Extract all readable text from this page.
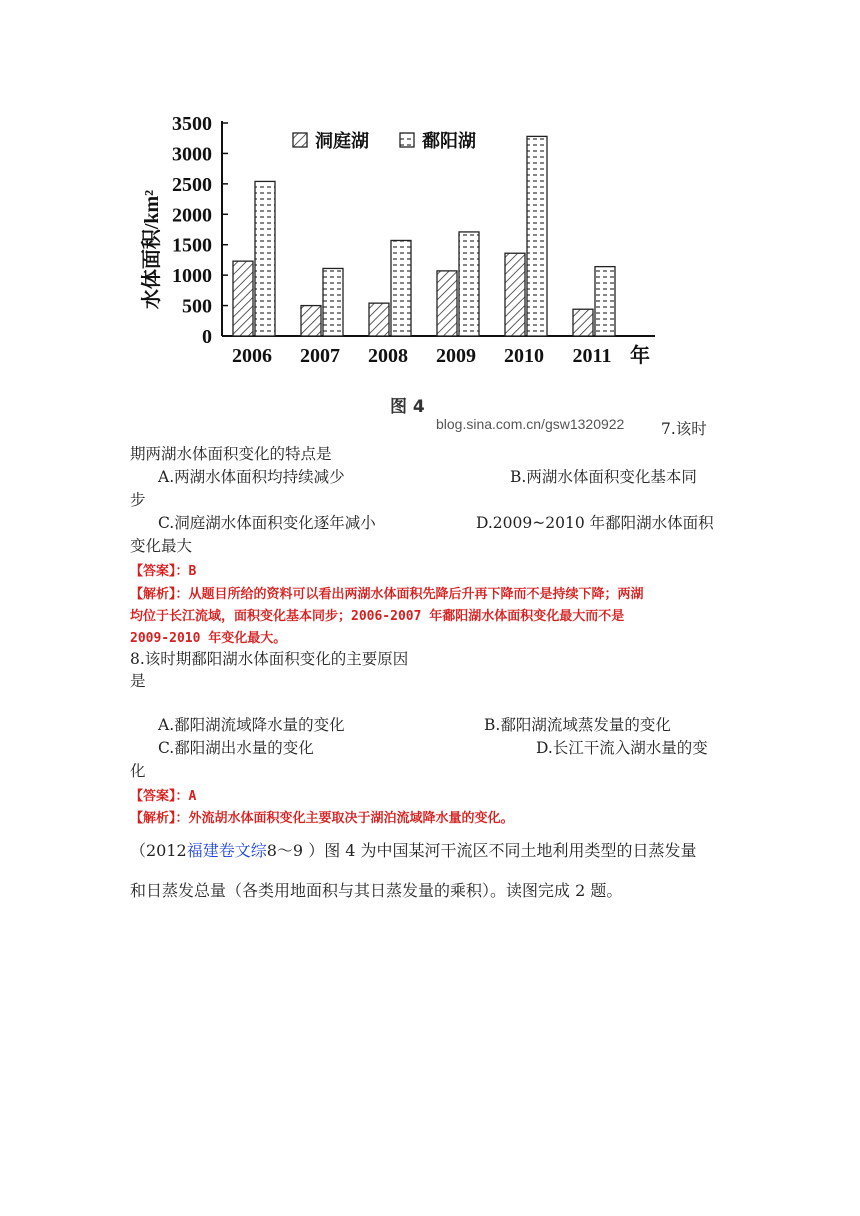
0
500
1000
1500
2000
2500
3000
3500
水体面积/km²
2006 2007 2008 2009 2010 2011 年
洞庭湖	鄱阳湖
图 4
blog.sina.com.cn/gsw1320922 7.该时
期两湖水体面积变化的特点是
A.两湖水体面积均持续减少	B.两湖水体面积变化基本同
步
C.洞庭湖水体面积变化逐年减小	D.2009~2010 年鄱阳湖水体面积
变化最大
【答案】：B
【解析】：从题目所给的资料可以看出两湖水体面积先降后升再下降而不是持续下降；两湖
均位于长江流域，面积变化基本同步；2006-2007 年鄱阳湖水体面积变化最大而不是
2009-2010 年变化最大。
8.该时期鄱阳湖水体面积变化的主要原因
是
A.鄱阳湖流域降水量的变化	B.鄱阳湖流域蒸发量的变化
C.鄱阳湖出水量的变化	D.长江干流入湖水量的变
化
【答案】：A
【解析】：外流胡水体面积变化主要取决于湖泊流域降水量的变化。
（2012福建卷文综8～9 ）图 4 为中国某河干流区不同土地利用类型的日蒸发量
和日蒸发总量（各类用地面积与其日蒸发量的乘积）。读图完成 2 题。
